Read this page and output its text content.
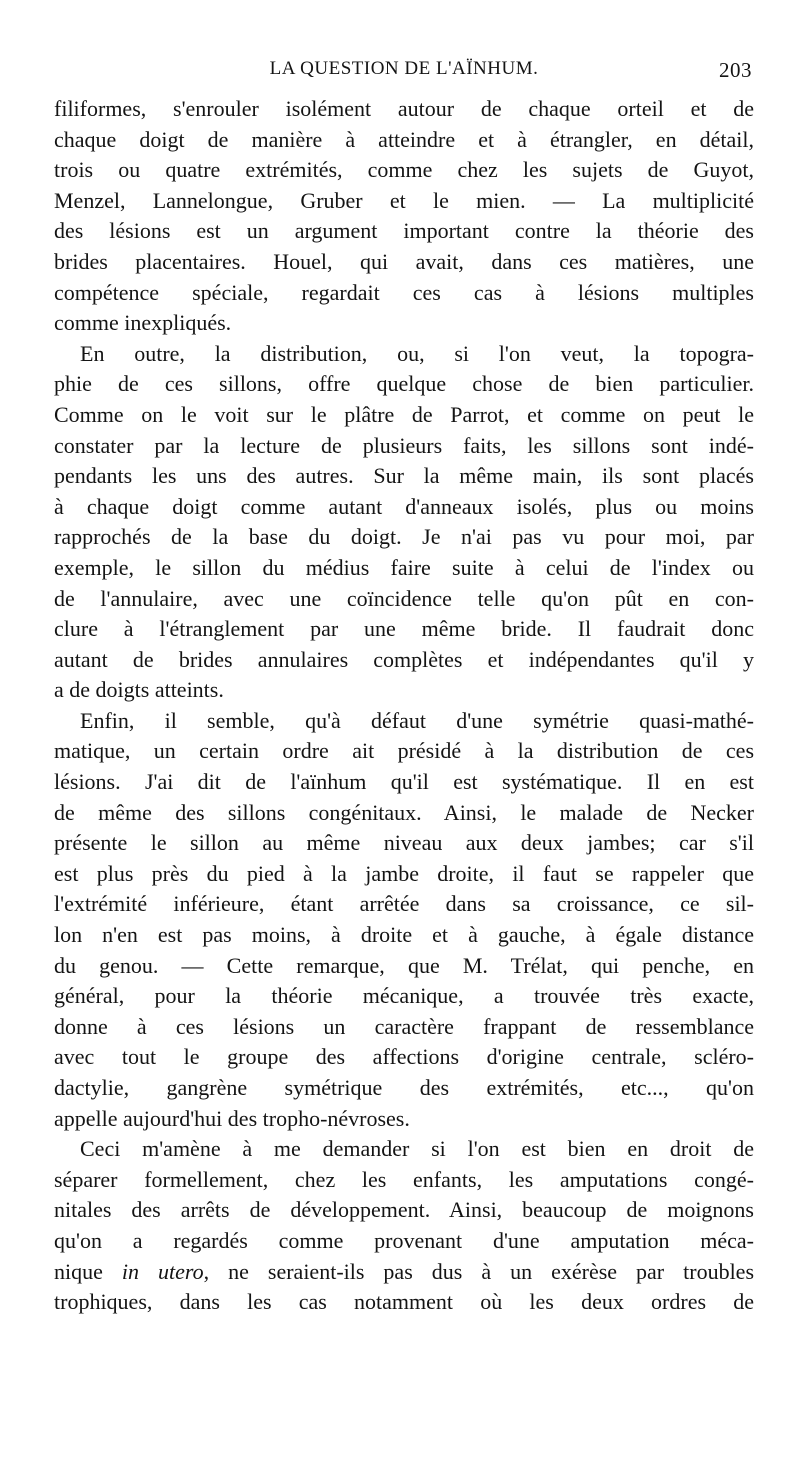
LA QUESTION DE L'AÏNHUM.	203
filiformes, s'enrouler isolément autour de chaque orteil et de
chaque doigt de manière à atteindre et à étrangler, en détail,
trois ou quatre extrémités, comme chez les sujets de Guyot,
Menzel, Lannelongue, Gruber et le mien. — La multiplicité
des lésions est un argument important contre la théorie des
brides placentaires. Houel, qui avait, dans ces matières, une
compétence spéciale, regardait ces cas à lésions multiples
comme inexpliqués.
En outre, la distribution, ou, si l'on veut, la topogra-
phie de ces sillons, offre quelque chose de bien particulier.
Comme on le voit sur le plâtre de Parrot, et comme on peut le
constater par la lecture de plusieurs faits, les sillons sont indé-
pendants les uns des autres. Sur la même main, ils sont placés
à chaque doigt comme autant d'anneaux isolés, plus ou moins
rapprochés de la base du doigt. Je n'ai pas vu pour moi, par
exemple, le sillon du médius faire suite à celui de l'index ou
de l'annulaire, avec une coïncidence telle qu'on pût en con-
clure à l'étranglement par une même bride. Il faudrait donc
autant de brides annulaires complètes et indépendantes qu'il y
a de doigts atteints.
Enfin, il semble, qu'à défaut d'une symétrie quasi-mathé-
matique, un certain ordre ait présidé à la distribution de ces
lésions. J'ai dit de l'aïnhum qu'il est systématique. Il en est
de même des sillons congénitaux. Ainsi, le malade de Necker
présente le sillon au même niveau aux deux jambes; car s'il
est plus près du pied à la jambe droite, il faut se rappeler que
l'extrémité inférieure, étant arrêtée dans sa croissance, ce sil-
lon n'en est pas moins, à droite et à gauche, à égale distance
du genou. — Cette remarque, que M. Trélat, qui penche, en
général, pour la théorie mécanique, a trouvée très exacte,
donne à ces lésions un caractère frappant de ressemblance
avec tout le groupe des affections d'origine centrale, scléro-
dactylie, gangrène symétrique des extrémités, etc..., qu'on
appelle aujourd'hui des tropho-névroses.
Ceci m'amène à me demander si l'on est bien en droit de
séparer formellement, chez les enfants, les amputations congé-
nitales des arrêts de développement. Ainsi, beaucoup de moignons
qu'on a regardés comme provenant d'une amputation méca-
nique in utero, ne seraient-ils pas dus à un exérèse par troubles
trophiques, dans les cas notamment où les deux ordres de
